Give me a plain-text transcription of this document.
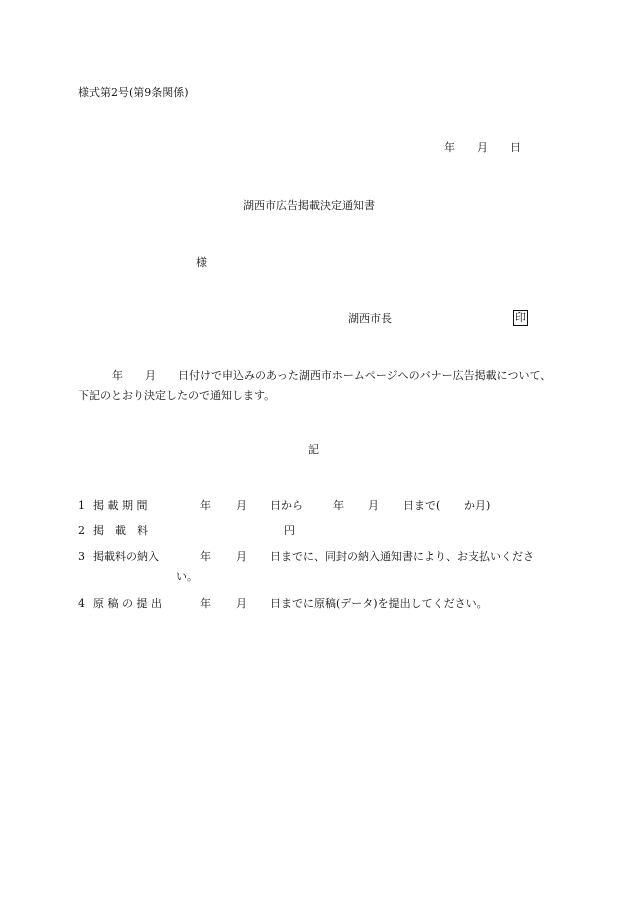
様式第2号(第9条関係)
年　　月　　日
湖西市広告掲載決定通知書
様
湖西市長	印
年　　月　　日付けで申込みのあった湖西市ホームページへのバナー広告掲載について、下記のとおり決定したので通知します。
記
1 掲 載 期 間	年 月 日から	年 月 日まで( か月)
2 掲　載　料	円
3 掲載料の納入	年 月 日までに、同封の納入通知書により、お支払いくださ
い。
4 原 稿 の 提 出	年 月 日までに原稿(データ)を提出してください。
